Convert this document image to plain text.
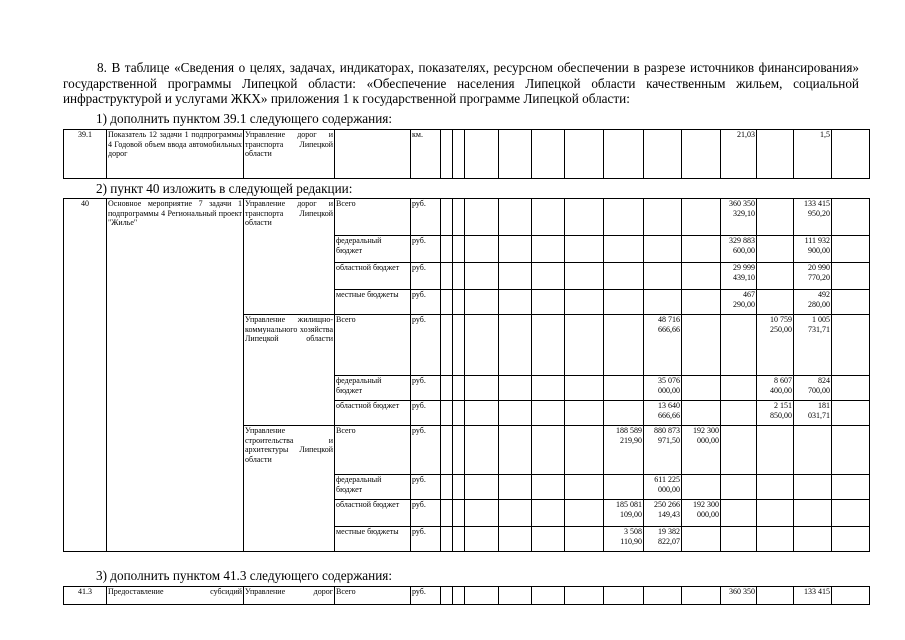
8. В таблице «Сведения о целях, задачах, индикаторах, показателях, ресурсном обеспечении в разрезе источников финансирования» государственной программы Липецкой области: «Обеспечение населения Липецкой области качественным жильем, социальной инфраструктурой и услугами ЖКХ» приложения 1 к государственной программе Липецкой области:
1) дополнить пунктом 39.1 следующего содержания:
39.1	Показатель 12 задачи 1 подпрограммы 4 Годовой объем ввода автомобильных дорог	Управление дорог и транспорта Липецкой области		км.										21,03		1,5	
2) пункт 40 изложить в следующей редакции:
40	Основное мероприятие 7 задачи 1 подпрограммы 4 Региональный проект "Жилье"	Управление дорог и транспорта Липецкой области	Всего	руб.										360 350 329,10		133 415 950,20	
			федеральный бюджет	руб.										329 883 600,00		111 932 900,00	
			областной бюджет	руб.										29 999 439,10		20 990 770,20	
			местные бюджеты	руб.										467 290,00		492 280,00	
		Управление жилищно-коммунального хозяйства Липецкой области	Всего	руб.								48 716 666,66			10 759 250,00	1 005 731,71	
			федеральный бюджет	руб.								35 076 000,00			8 607 400,00	824 700,00	
			областной бюджет	руб.								13 640 666,66			2 151 850,00	181 031,71	
		Управление строительства и архитектуры Липецкой области	Всего	руб.							188 589 219,90	880 873 971,50	192 300 000,00				
			федеральный бюджет	руб.								611 225 000,00					
			областной бюджет	руб.							185 081 109,00	250 266 149,43	192 300 000,00				
			местные бюджеты	руб.							3 508 110,90	19 382 822,07					
3) дополнить пунктом 41.3 следующего содержания:
41.3	Предоставление субсидий	Управление дорог	Всего	руб.										360 350		133 415	
